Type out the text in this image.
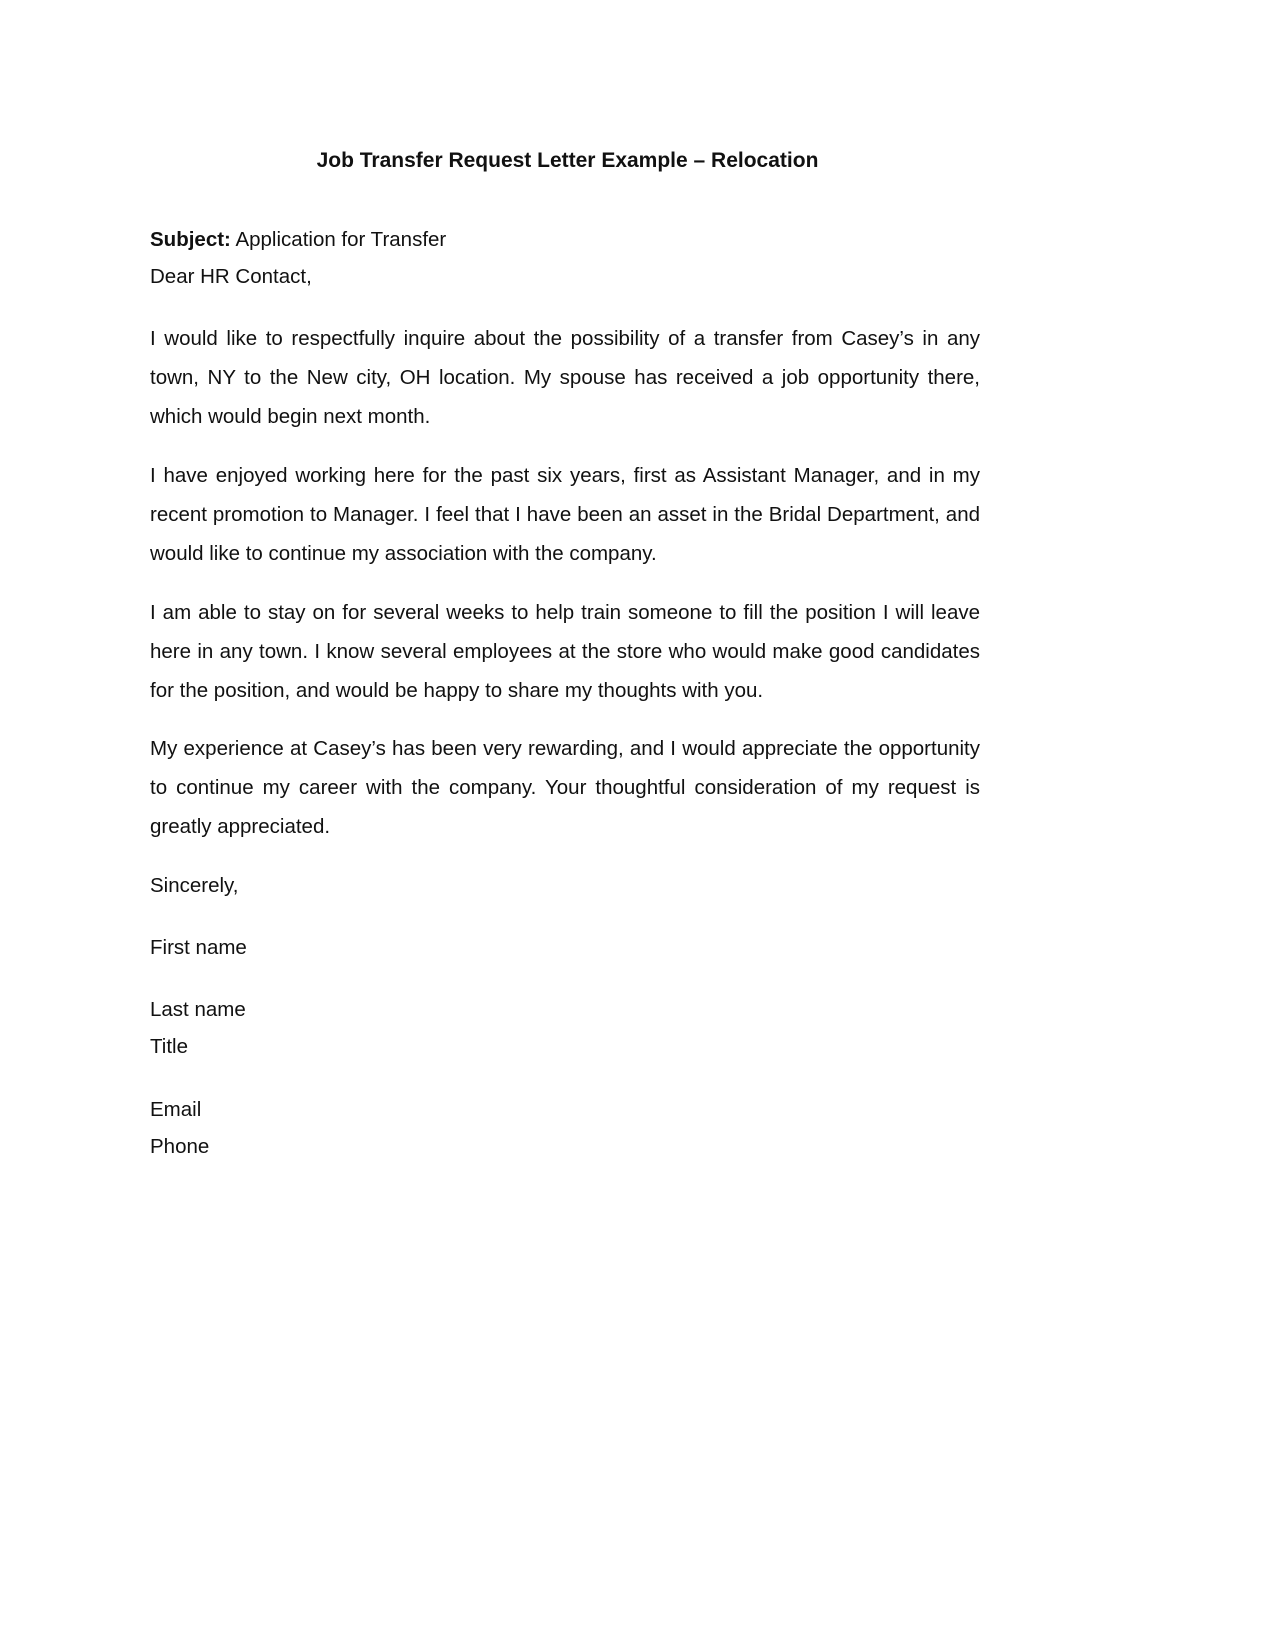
Job Transfer Request Letter Example – Relocation

Subject: Application for Transfer

Dear HR Contact,

I would like to respectfully inquire about the possibility of a transfer from Casey’s in any town, NY to the New city, OH location. My spouse has received a job opportunity there, which would begin next month.

I have enjoyed working here for the past six years, first as Assistant Manager, and in my recent promotion to Manager. I feel that I have been an asset in the Bridal Department, and would like to continue my association with the company.

I am able to stay on for several weeks to help train someone to fill the position I will leave here in any town. I know several employees at the store who would make good candidates for the position, and would be happy to share my thoughts with you.

My experience at Casey’s has been very rewarding, and I would appreciate the opportunity to continue my career with the company. Your thoughtful consideration of my request is greatly appreciated.

Sincerely,

First name

Last name

Title

Email

Phone
